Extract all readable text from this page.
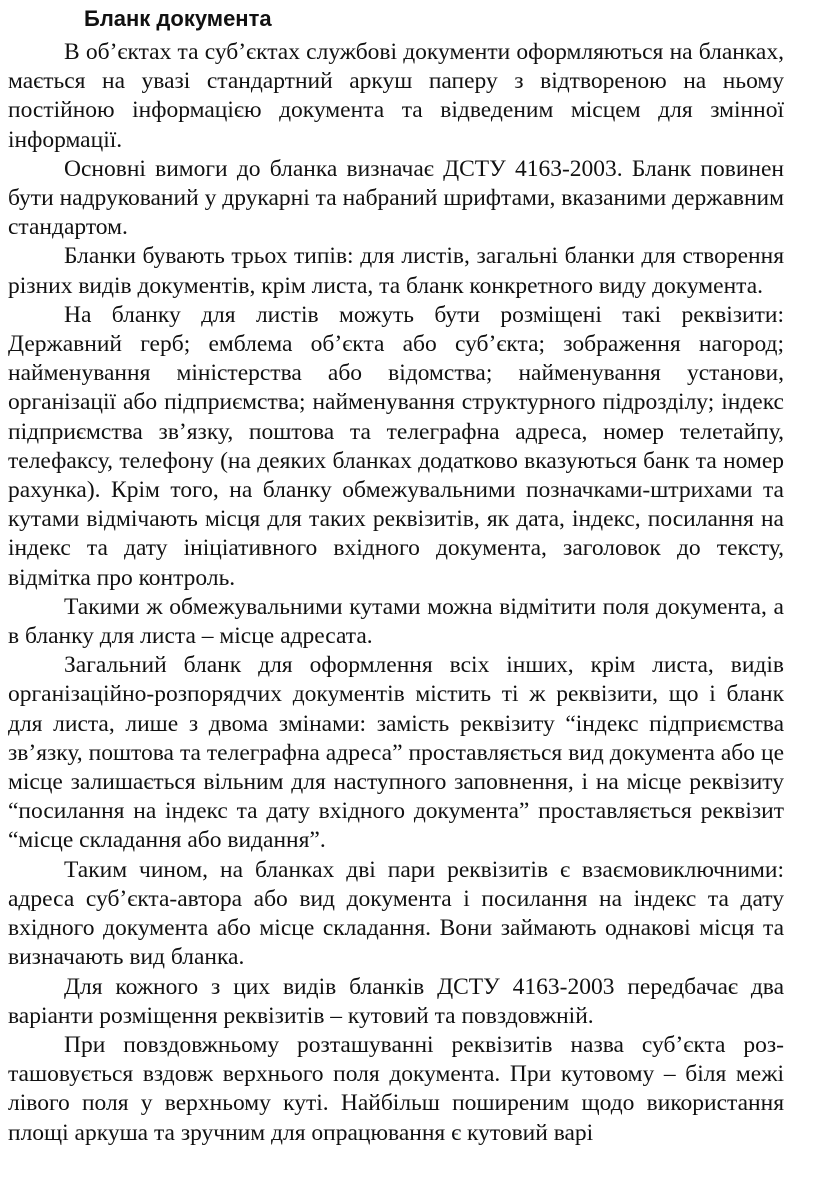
Бланк документа

В об’єктах та суб’єктах службові документи оформляються на бланках, мається на увазі стандартний аркуш паперу з відтвореною на ньому постійною інформацією документа та відведеним місцем для змінної інформації.

Основні вимоги до бланка визначає ДСТУ 4163-2003. Бланк повинен бути надрукований у друкарні та набраний шрифтами, вказаними державним стандартом.

Бланки бувають трьох типів: для листів, загальні бланки для створення різних видів документів, крім листа, та бланк конкретного виду документа.

На бланку для листів можуть бути розміщені такі реквізити: Державний герб; емблема об’єкта або суб’єкта; зображення нагород; найменування міністерства або відомства; найменування установи, організації або підприємства; найменування структурного підрозділу; індекс підприємства зв’язку, поштова та телеграфна адреса, номер телетайпу, телефаксу, телефону (на деяких бланках додатково вказуються банк та номер рахунка). Крім того, на бланку обмежувальними позначками-штрихами та кутами відмічають місця для таких реквізитів, як дата, індекс, посилання на індекс та дату ініціативного вхідного документа, заголовок до тексту, відмітка про контроль.

Такими ж обмежувальними кутами можна відмітити поля документа, а в бланку для листа – місце адресата.

Загальний бланк для оформлення всіх інших, крім листа, видів організаційно-розпорядчих документів містить ті ж реквізити, що і бланк для листа, лише з двома змінами: замість реквізиту “індекс підприємства зв’язку, поштова та телеграфна адреса” проставляється вид документа або це місце залишається вільним для наступного заповнення, і на місце реквізиту “посилання на індекс та дату вхідного документа” проставляється реквізит “місце складання або видання”.

Таким чином, на бланках дві пари реквізитів є взаємовиключними: адреса суб’єкта-автора або вид документа і посилання на індекс та дату вхідного документа або місце складання. Вони займають однакові місця та визначають вид бланка.

Для кожного з цих видів бланків ДСТУ 4163-2003 передбачає два варіанти розміщення реквізитів – кутовий та повздовжній.

При повздовжньому розташуванні реквізитів назва суб’єкта розташовується вздовж верхнього поля документа. При кутовому – біля межі лівого поля у верхньому куті. Найбільш поширеним щодо використання площі аркуша та зручним для опрацювання є кутовий варі
